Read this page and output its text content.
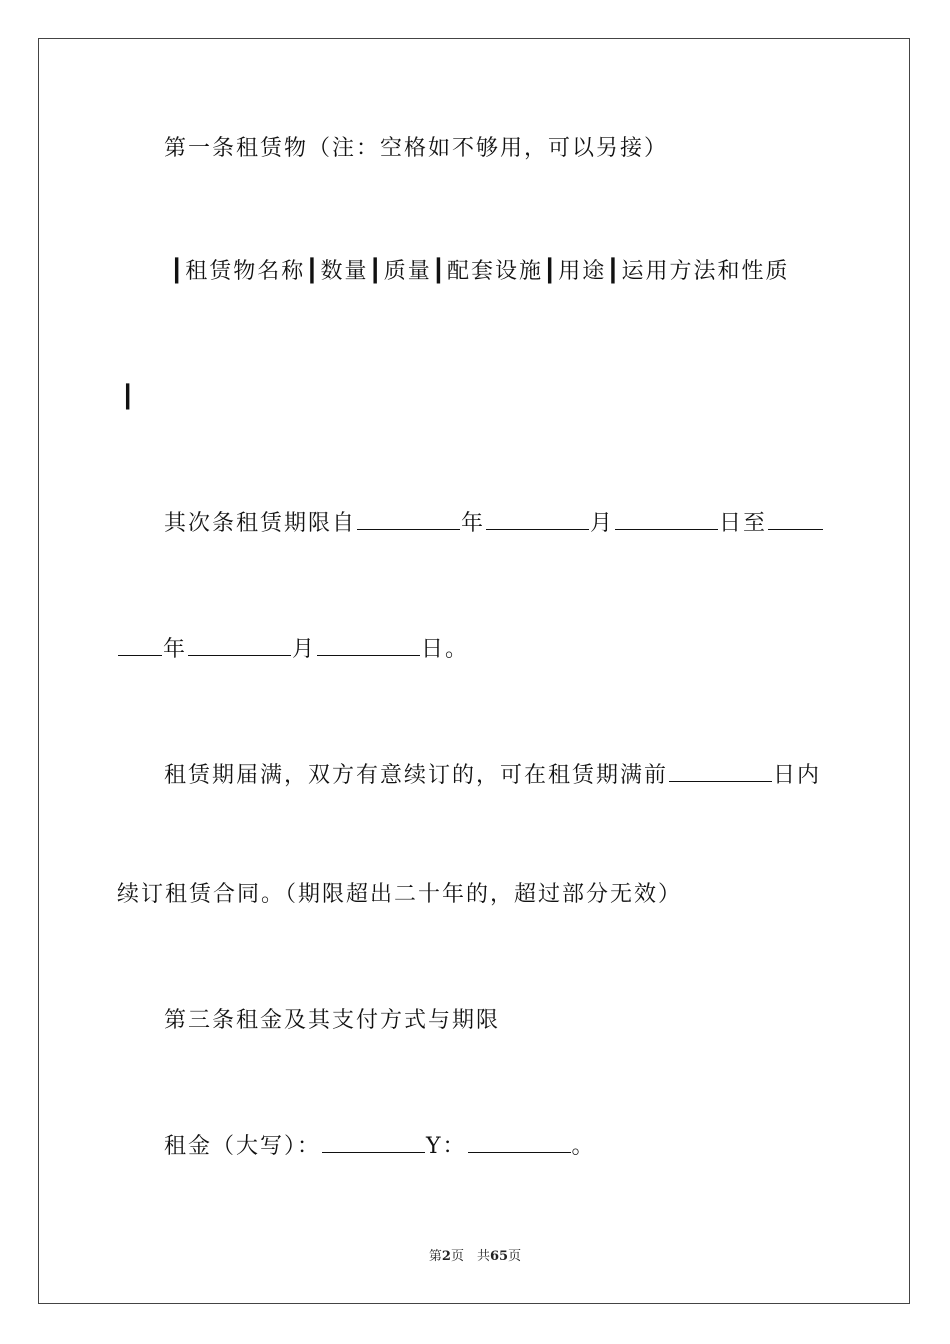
第一条租赁物（注：空格如不够用，可以另接）
┃租赁物名称┃数量┃质量┃配套设施┃用途┃运用方法和性质
┃
其次条租赁期限自	年	月	日至
年	月	日。
租赁期届满，双方有意续订的，可在租赁期满前	日内
续订租赁合同。（期限超出二十年的，超过部分无效）
第三条租金及其支付方式与期限
租金（大写）：	Y：	。
第2页　共65页
